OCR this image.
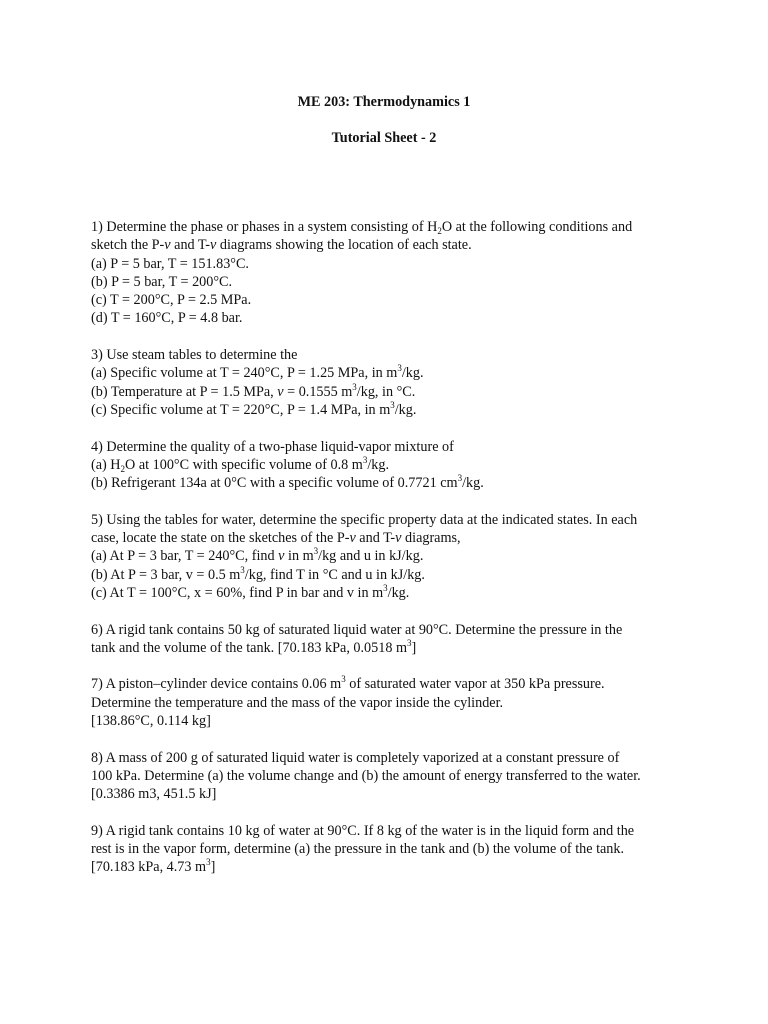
ME 203: Thermodynamics 1
Tutorial Sheet - 2
1) Determine the phase or phases in a system consisting of $H_2O$ at the following conditions and
sketch the P-v and T-v diagrams showing the location of each state.
(a) P = 5 bar, T = 151.83°C.
(b) P = 5 bar, T = 200°C.
(c) T = 200°C, P = 2.5 MPa.
(d) T = 160°C, P = 4.8 bar.
3) Use steam tables to determine the
(a) Specific volume at T = 240°C, P = 1.25 MPa, in $m^3/kg$.
(b) Temperature at P = 1.5 MPa, v = 0.1555 $m^3/kg$, in °C.
(c) Specific volume at T = 220°C, P = 1.4 MPa, in $m^3/kg$.
4) Determine the quality of a two-phase liquid-vapor mixture of
(a) $H_2O$ at 100°C with specific volume of 0.8 $m^3/kg$.
(b) Refrigerant 134a at 0°C with a specific volume of 0.7721 $cm^3/kg$.
5) Using the tables for water, determine the specific property data at the indicated states. In each
case, locate the state on the sketches of the P-v and T-v diagrams,
(a) At P = 3 bar, T = 240°C, find v in $m^3/kg$ and u in kJ/kg.
(b) At P = 3 bar, v = 0.5 $m^3/kg$, find T in °C and u in kJ/kg.
(c) At T = 100°C, x = 60%, find P in bar and v in $m^3/kg$.
6) A rigid tank contains 50 kg of saturated liquid water at 90°C. Determine the pressure in the
tank and the volume of the tank. [70.183 kPa, 0.0518 $m^3$]
7) A piston–cylinder device contains 0.06 $m^3$ of saturated water vapor at 350 kPa pressure.
Determine the temperature and the mass of the vapor inside the cylinder.
[138.86°C, 0.114 kg]
8) A mass of 200 g of saturated liquid water is completely vaporized at a constant pressure of
100 kPa. Determine (a) the volume change and (b) the amount of energy transferred to the water.
[0.3386 m3, 451.5 kJ]
9) A rigid tank contains 10 kg of water at 90°C. If 8 kg of the water is in the liquid form and the
rest is in the vapor form, determine (a) the pressure in the tank and (b) the volume of the tank.
[70.183 kPa, 4.73 $m^3$]
